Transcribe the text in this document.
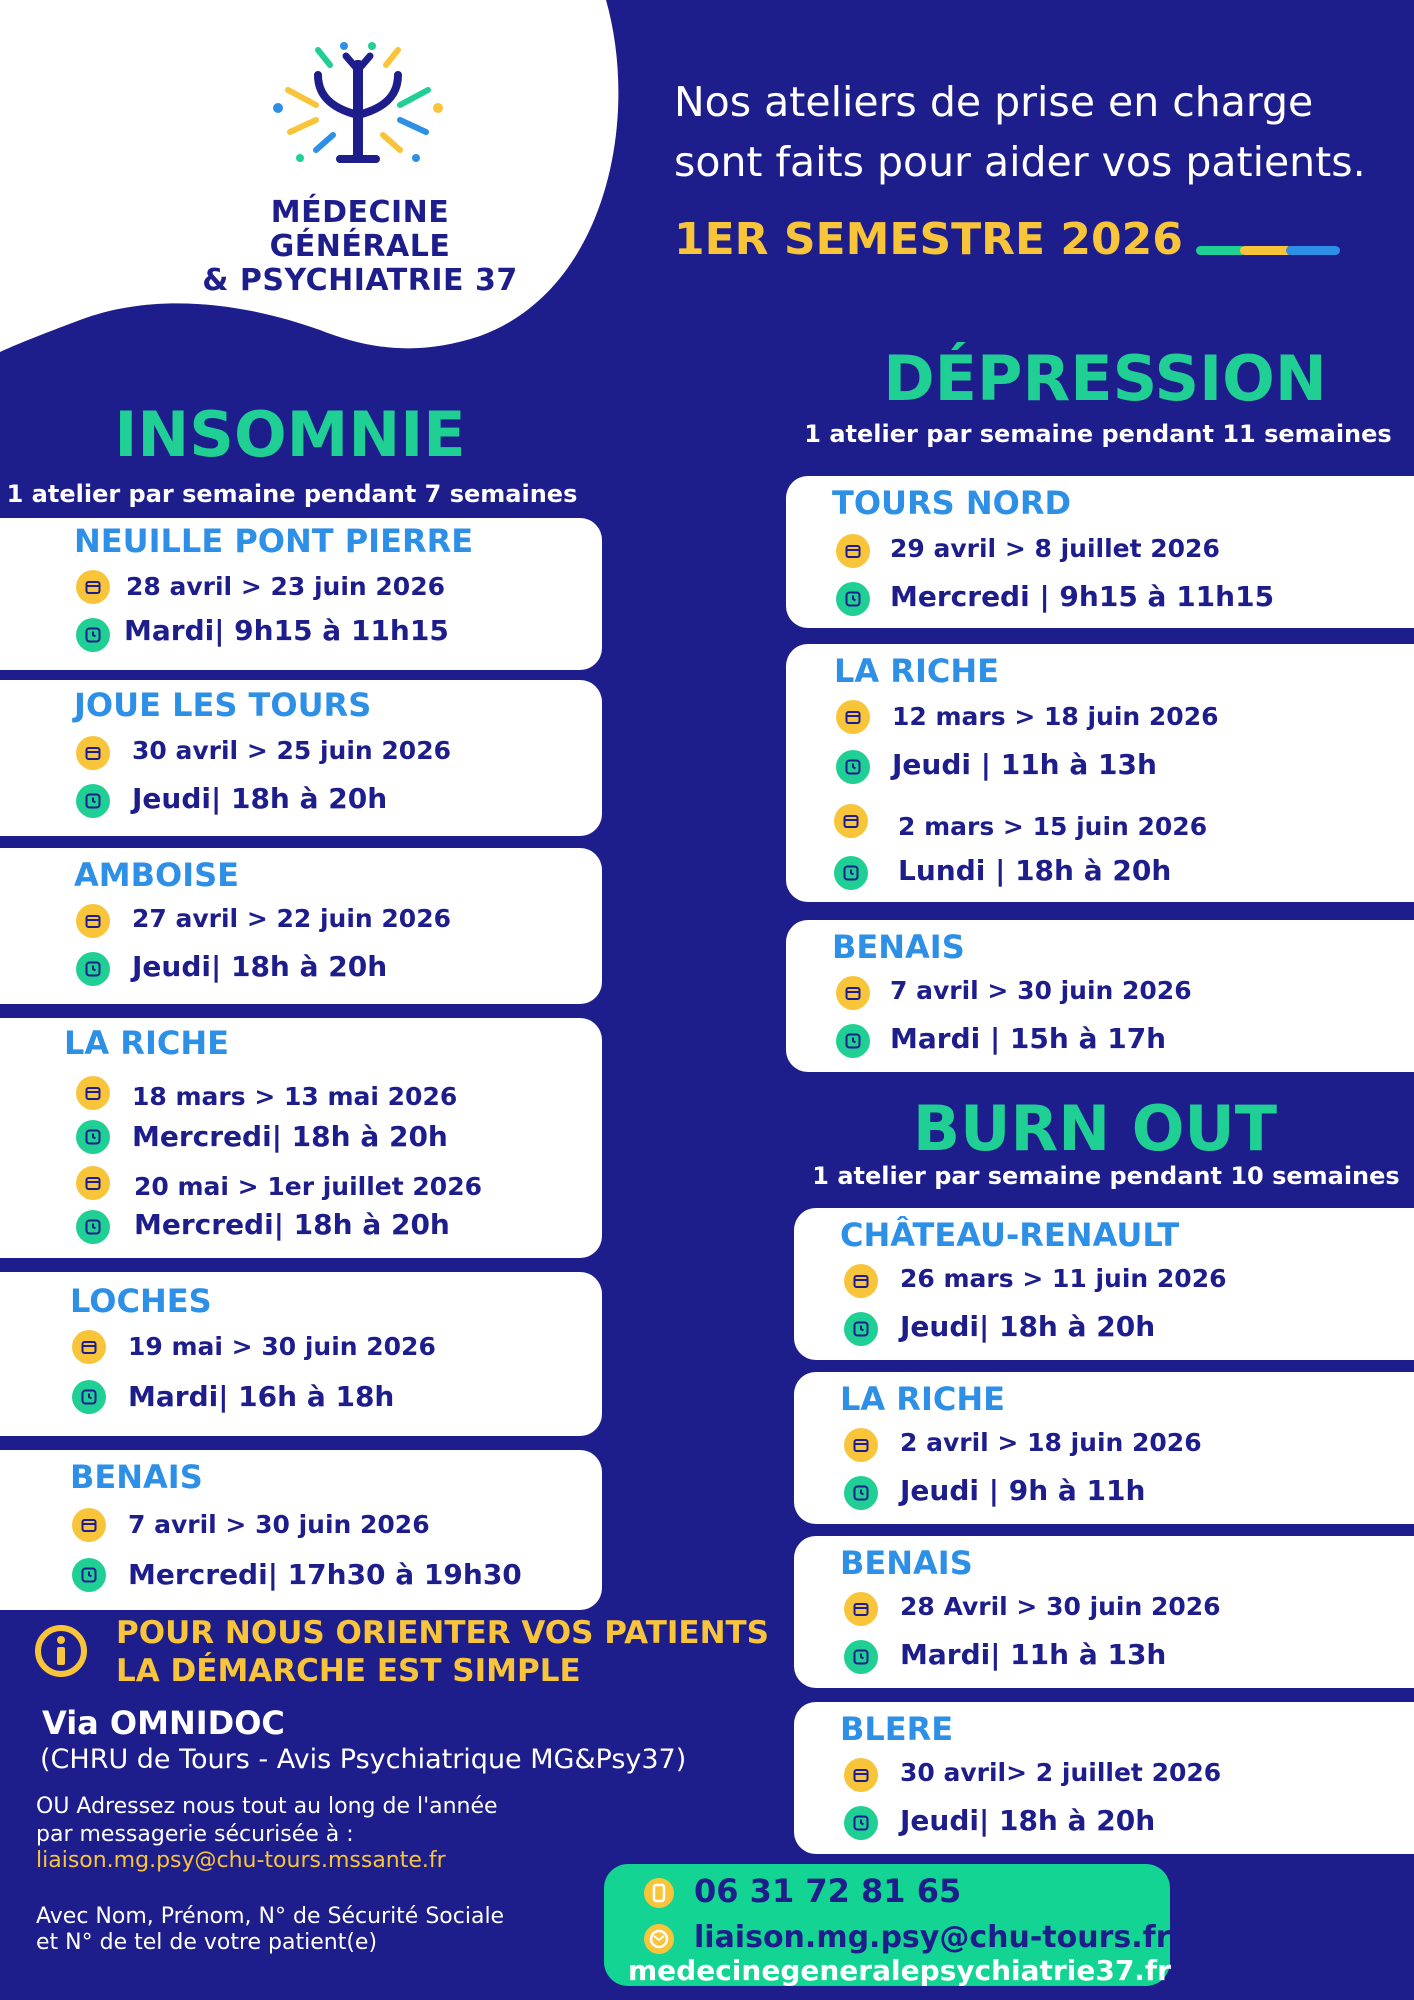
MÉDECINE GÉNÉRALE
& PSYCHIATRIE 37
Nos ateliers de prise en charge
sont faits pour aider vos patients.
1ER SEMESTRE 2026
INSOMNIE
1 atelier par semaine pendant 7 semaines
NEUILLE PONT PIERRE
28 avril > 23 juin 2026
Mardi| 9h15 à 11h15
JOUE LES TOURS
30 avril > 25 juin 2026
Jeudi| 18h à 20h
AMBOISE
27 avril > 22 juin 2026
Jeudi| 18h à 20h
LA RICHE
18 mars > 13 mai 2026
Mercredi| 18h à 20h
20 mai > 1er juillet 2026
Mercredi| 18h à 20h
LOCHES
19 mai > 30 juin 2026
Mardi| 16h à 18h
BENAIS
7 avril > 30 juin 2026
Mercredi| 17h30 à 19h30
DÉPRESSION
1 atelier par semaine pendant 11 semaines
TOURS NORD
29 avril > 8 juillet 2026
Mercredi | 9h15 à 11h15
LA RICHE
12 mars > 18 juin 2026
Jeudi | 11h à 13h
2 mars > 15 juin 2026
Lundi | 18h à 20h
BENAIS
7 avril > 30 juin 2026
Mardi | 15h à 17h
BURN OUT
1 atelier par semaine pendant 10 semaines
CHÂTEAU-RENAULT
26 mars > 11 juin 2026
Jeudi| 18h à 20h
LA RICHE
2 avril > 18 juin 2026
Jeudi | 9h à 11h
BENAIS
28 Avril > 30 juin 2026
Mardi| 11h à 13h
BLERE
30 avril> 2 juillet 2026
Jeudi| 18h à 20h
POUR NOUS ORIENTER VOS PATIENTS
LA DÉMARCHE EST SIMPLE
Via OMNIDOC
(CHRU de Tours - Avis Psychiatrique MG&Psy37)
OU Adressez nous tout au long de l'année
par messagerie sécurisée à :
liaison.mg.psy@chu-tours.mssante.fr
Avec Nom, Prénom, N° de Sécurité Sociale
et N° de tel de votre patient(e)
06 31 72 81 65
liaison.mg.psy@chu-tours.fr
medecinegeneralepsychiatrie37.fr
